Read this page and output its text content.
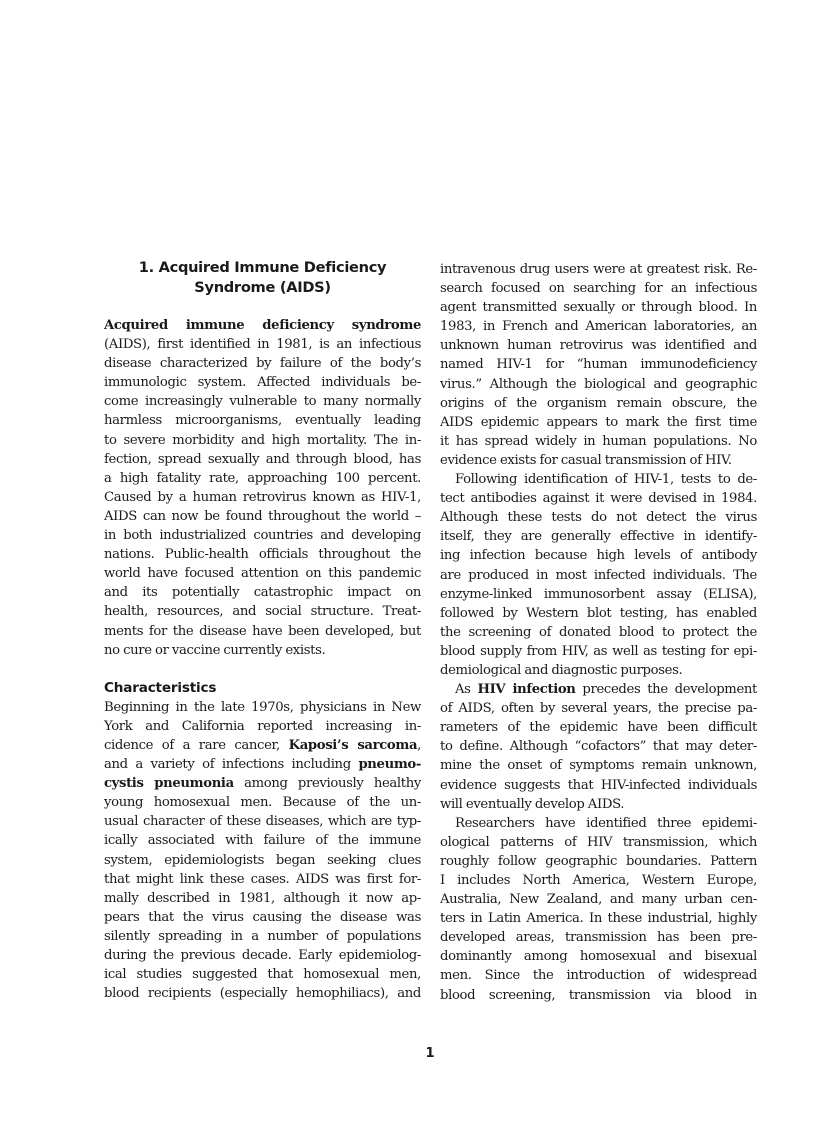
1. Acquired Immune Deficiency
Syndrome (AIDS)
Acquired immune deficiency syndrome
(AIDS), first identified in 1981, is an infectious
disease characterized by failure of the body’s
immunologic system. Affected individuals be-
come increasingly vulnerable to many normally
harmless microorganisms, eventually leading
to severe morbidity and high mortality. The in-
fection, spread sexually and through blood, has
a high fatality rate, approaching 100 percent.
Caused by a human retrovirus known as HIV-1,
AIDS can now be found throughout the world –
in both industrialized countries and developing
nations. Public-health officials throughout the
world have focused attention on this pandemic
and its potentially catastrophic impact on
health, resources, and social structure. Treat-
ments for the disease have been developed, but
no cure or vaccine currently exists.
Characteristics
Beginning in the late 1970s, physicians in New
York and California reported increasing in-
cidence of a rare cancer, Kaposi’s sarcoma,
and a variety of infections including pneumo-
cystis pneumonia among previously healthy
young homosexual men. Because of the un-
usual character of these diseases, which are typ-
ically associated with failure of the immune
system, epidemiologists began seeking clues
that might link these cases. AIDS was first for-
mally described in 1981, although it now ap-
pears that the virus causing the disease was
silently spreading in a number of populations
during the previous decade. Early epidemiolog-
ical studies suggested that homosexual men,
blood recipients (especially hemophiliacs), and
intravenous drug users were at greatest risk. Re-
search focused on searching for an infectious
agent transmitted sexually or through blood. In
1983, in French and American laboratories, an
unknown human retrovirus was identified and
named HIV-1 for “human immunodeficiency
virus.” Although the biological and geographic
origins of the organism remain obscure, the
AIDS epidemic appears to mark the first time
it has spread widely in human populations. No
evidence exists for casual transmission of HIV.
Following identification of HIV-1, tests to de-
tect antibodies against it were devised in 1984.
Although these tests do not detect the virus
itself, they are generally effective in identify-
ing infection because high levels of antibody
are produced in most infected individuals. The
enzyme-linked immunosorbent assay (ELISA),
followed by Western blot testing, has enabled
the screening of donated blood to protect the
blood supply from HIV, as well as testing for epi-
demiological and diagnostic purposes.
As HIV infection precedes the development
of AIDS, often by several years, the precise pa-
rameters of the epidemic have been difficult
to define. Although “cofactors” that may deter-
mine the onset of symptoms remain unknown,
evidence suggests that HIV-infected individuals
will eventually develop AIDS.
Researchers have identified three epidemi-
ological patterns of HIV transmission, which
roughly follow geographic boundaries. Pattern
I includes North America, Western Europe,
Australia, New Zealand, and many urban cen-
ters in Latin America. In these industrial, highly
developed areas, transmission has been pre-
dominantly among homosexual and bisexual
men. Since the introduction of widespread
blood screening, transmission via blood in
1
